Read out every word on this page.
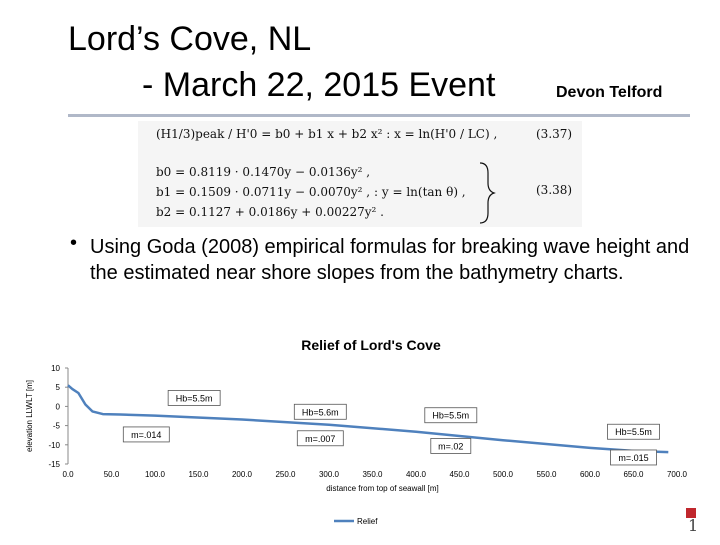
Lord’s Cove, NL
- March 22, 2015 Event	Devon Telford
(H1/3)peak / H'0 = b0 + b1 x + b2 x² : x = ln(H'0 / LC) ,	(3.37)
b0 = 0.8119 · 0.1470y − 0.0136y² ,
b1 = 0.1509 · 0.0711y − 0.0070y² , : y = ln(tan θ) ,
b2 = 0.1127 + 0.0186y + 0.00227y² .
(3.38)
• Using Goda (2008) empirical formulas for breaking wave height and the estimated near shore slopes from the bathymetry charts.
Relief of Lord's Cove
elevation LLWLT [m]
10
5
0
-5
-10
-15
0.0	50.0	100.0	150.0	200.0	250.0	300.0	350.0	400.0	450.0	500.0	550.0	600.0	650.0	700.0
distance from top of seawall [m]
Hb=5.5m
m=.014
Hb=5.6m
m=.007
Hb=5.5m
m=.02
Hb=5.5m
m=.015
Relief	1
